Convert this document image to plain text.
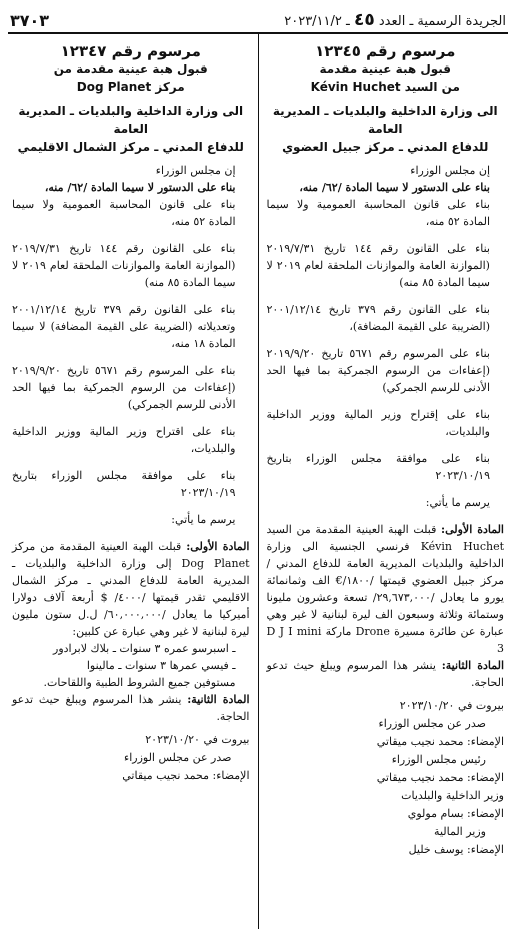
الجريدة الرسمية ـ العدد ٤٥ ـ ٢٠٢٣/١١/٢
٣٧٠٣
مرسوم رقم ١٢٣٤٥
قبول هبة عينية مقدمة
من السيد Kévin Huchet
الى وزارة الداخلية والبلديات ـ المديرية العامة
للدفاع المدني ـ مركز جبيل العضوي

إن مجلس الوزراء

بناء على الدستور لا سيما المادة /٦٢/ منه،

بناء على قانون المحاسبة العمومية ولا سيما المادة ٥٢ منه،

بناء على القانون رقم ١٤٤ تاريخ ٢٠١٩/٧/٣١ (الموازنة العامة والموازنات الملحقة لعام ٢٠١٩ لا سيما المادة ٨٥ منه)

بناء على القانون رقم ٣٧٩ تاريخ ٢٠٠١/١٢/١٤ (الضريبة على القيمة المضافة)،

بناء على المرسوم رقم ٥٦٧١ تاريخ ٢٠١٩/٩/٢٠ (إعفاءات من الرسوم الجمركية بما فيها الحد الأدنى للرسم الجمركي)

بناء على إقتراح وزير المالية ووزير الداخلية والبلديات،

بناء على موافقة مجلس الوزراء بتاريخ ٢٠٢٣/١٠/١٩

يرسم ما يأتي:

المادة الأولى: قبلت الهبة العينية المقدمة من السيد Kévin Huchet فرنسي الجنسية الى وزارة الداخلية والبلديات المديرية العامة للدفاع المدني /مركز جبيل العضوي قيمتها /١٨٠٠/€ الف وثمانمائة يورو ما يعادل /٢٩,٦٧٣,٠٠٠/ تسعة وعشرون مليونا وستمائة وثلاثة وسبعون الف ليرة لبنانية لا غير وهي عبارة عن طائرة مسيرة Drone ماركة D J I mini 3

المادة الثانية: ينشر هذا المرسوم ويبلغ حيث تدعو الحاجة.

بيروت في ٢٠٢٣/١٠/٢٠
صدر عن مجلس الوزراء
الإمضاء: محمد نجيب ميقاتي
رئيس مجلس الوزراء
الإمضاء: محمد نجيب ميقاتي
وزير الداخلية والبلديات
الإمضاء: بسام مولوي
وزير المالية
الإمضاء: يوسف خليل
مرسوم رقم ١٢٣٤٧
قبول هبة عينية مقدمة من
مركز Dog Planet
الى وزارة الداخلية والبلديات ـ المديرية العامة
للدفاع المدني ـ مركز الشمال الاقليمي

إن مجلس الوزراء

بناء على الدستور لا سيما المادة /٦٢/ منه،

بناء على قانون المحاسبة العمومية ولا سيما المادة ٥٢ منه،

بناء على القانون رقم ١٤٤ تاريخ ٢٠١٩/٧/٣١ (الموازنة العامة والموازنات الملحقة لعام ٢٠١٩ لا سيما المادة ٨٥ منه)

بناء على القانون رقم ٣٧٩ تاريخ ٢٠٠١/١٢/١٤ وتعديلاته (الضريبة على القيمة المضافة) لا سيما المادة ١٨ منه،

بناء على المرسوم رقم ٥٦٧١ تاريخ ٢٠١٩/٩/٢٠ (إعفاءات من الرسوم الجمركية بما فيها الحد الأدنى للرسم الجمركي)

بناء على اقتراح وزير المالية ووزير الداخلية والبلديات،

بناء على موافقة مجلس الوزراء بتاريخ ٢٠٢٣/١٠/١٩

يرسم ما يأتي:

المادة الأولى: قبلت الهبة العينية المقدمة من مركز Dog Planet إلى وزارة الداخلية والبلديات ـ المديرية العامة للدفاع المدني ـ مركز الشمال الاقليمي تقدر قيمتها /٤٠٠٠/ $ أربعة آلاف دولارا أميركيا ما يعادل /٦٠,٠٠٠,٠٠٠/ ل.ل ستون مليون ليرة لبنانية لا غير وهي عبارة عن كلبين:

ـ اسبرسو عمره ٣ سنوات ـ بلاك لابرادور

ـ فيسي عمرها ٣ سنوات ـ مالينوا

مستوفين جميع الشروط الطبية واللقاحات.

المادة الثانية: ينشر هذا المرسوم ويبلغ حيث تدعو الحاجة.

بيروت في ٢٠٢٣/١٠/٢٠
صدر عن مجلس الوزراء
الإمضاء: محمد نجيب ميقاتي
